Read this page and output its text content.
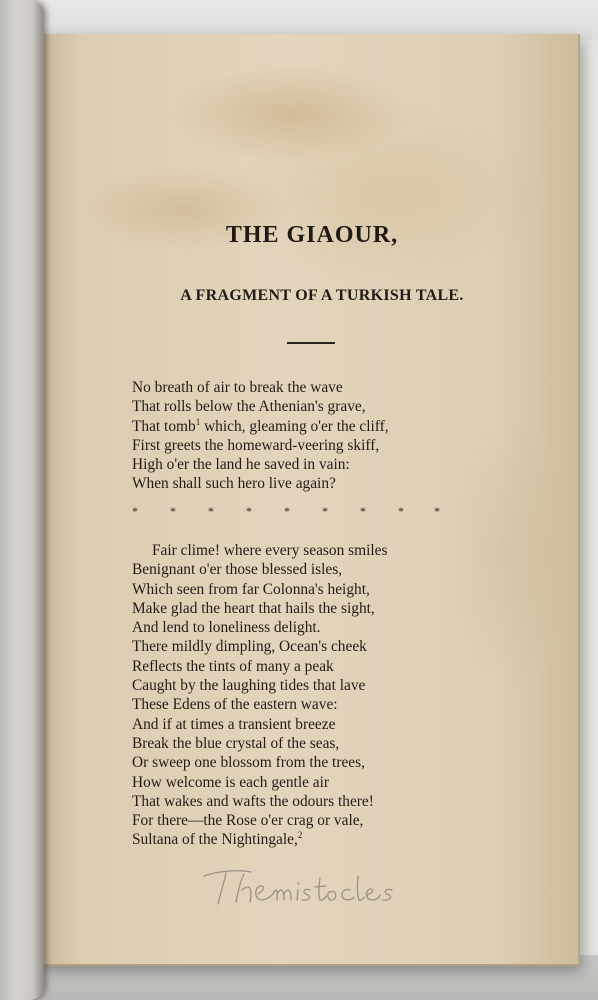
THE GIAOUR,
A FRAGMENT OF A TURKISH TALE.
No breath of air to break the wave
That rolls below the Athenian's grave,
That tomb$^1$ which, gleaming o'er the cliff,
First greets the homeward-veering skiff,
High o'er the land he saved in vain:
When shall such hero live again?
*	*	*	*	*	*	*	*	*
Fair clime! where every season smiles
Benignant o'er those blessed isles,
Which seen from far Colonna's height,
Make glad the heart that hails the sight,
And lend to loneliness delight.
There mildly dimpling, Ocean's cheek
Reflects the tints of many a peak
Caught by the laughing tides that lave
These Edens of the eastern wave:
And if at times a transient breeze
Break the blue crystal of the seas,
Or sweep one blossom from the trees,
How welcome is each gentle air
That wakes and wafts the odours there!
For there—the Rose o'er crag or vale,
Sultana of the Nightingale,$^2$
